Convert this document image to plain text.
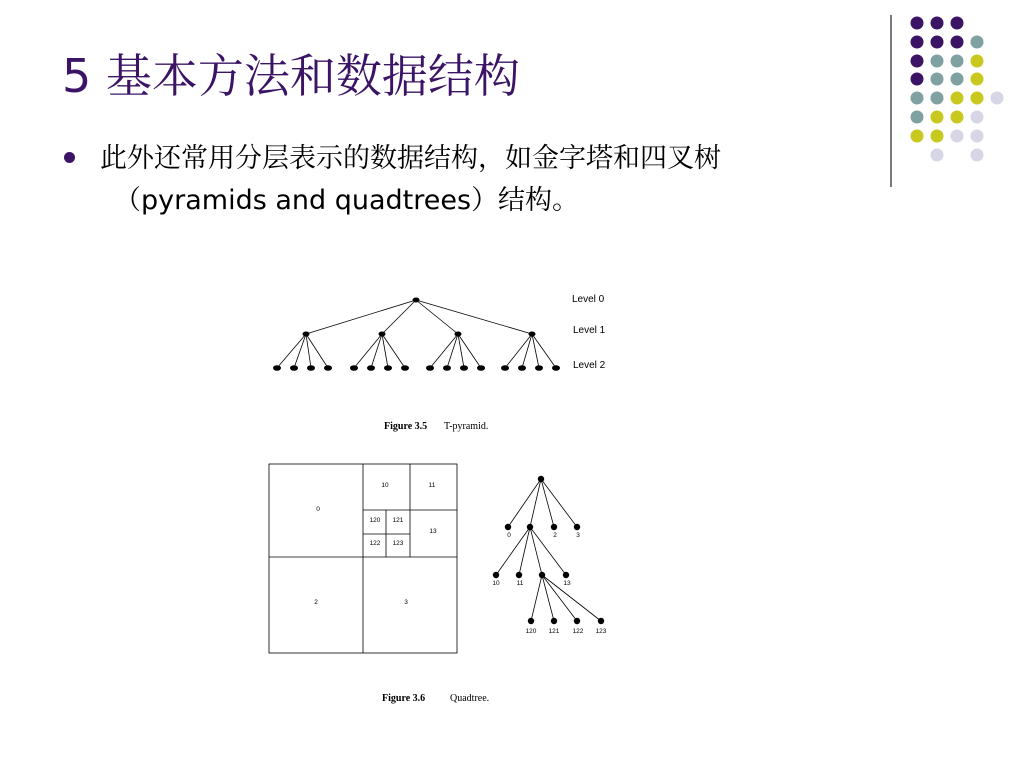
5 基本方法和数据结构
此外还常用分层表示的数据结构，如金字塔和四叉树
（pyramids and quadtrees）结构。
Level 0
Level 1
Level 2
Figure 3.5 T-pyramid.
0
10	11
120 121
122 123
13
2	3
0	2	3
10	11	13
120 121 122 123
Figure 3.6 Quadtree.
